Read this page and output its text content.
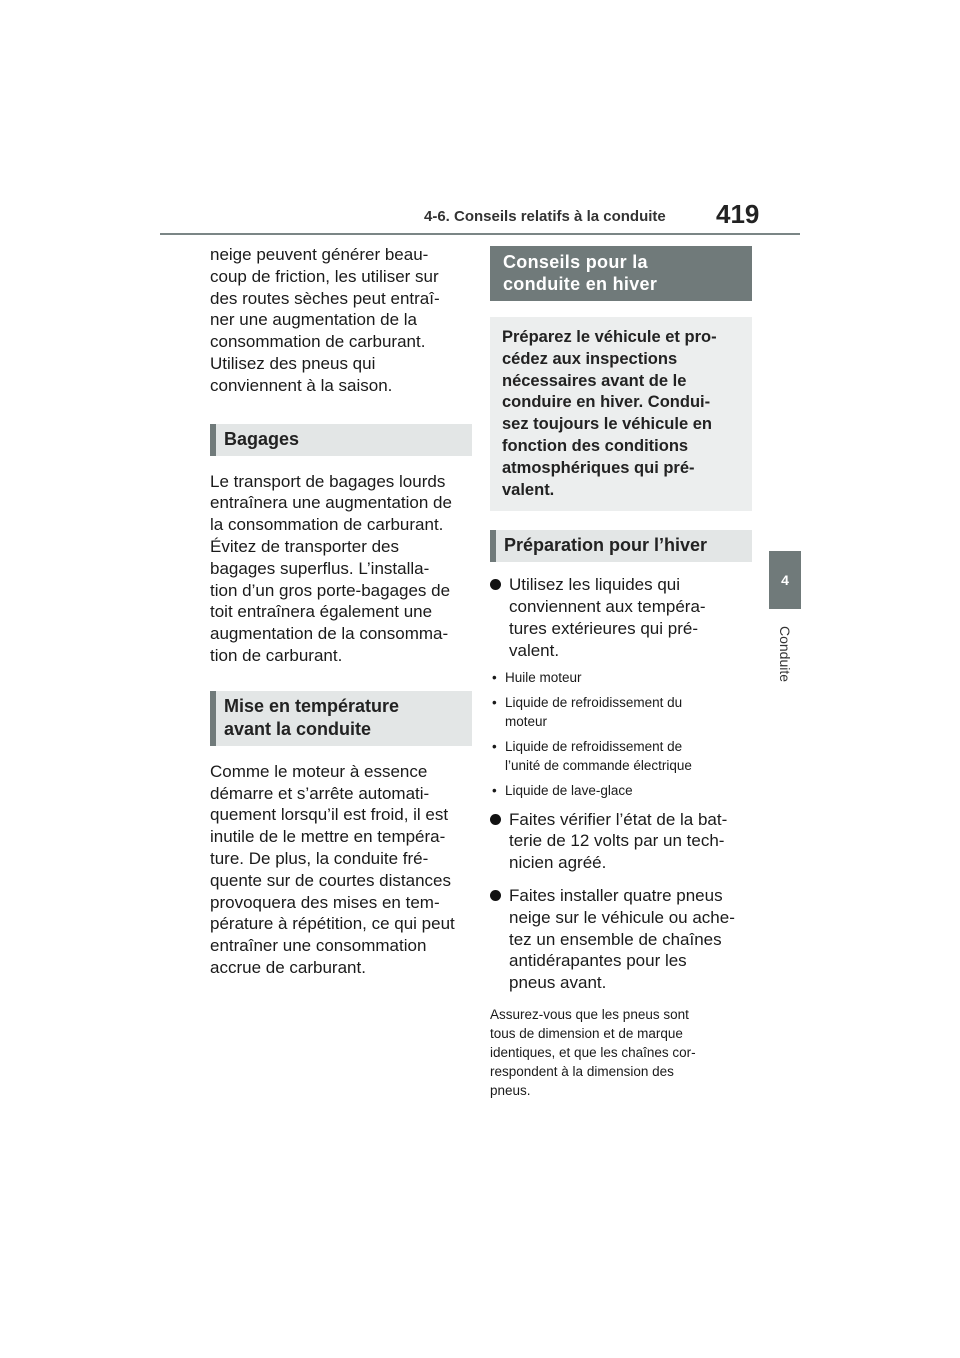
4-6. Conseils relatifs à la conduite 419
4
Conduite

neige peuvent générer beau-
coup de friction, les utiliser sur
des routes sèches peut entraî-
ner une augmentation de la
consommation de carburant.
Utilisez des pneus qui
conviennent à la saison.

Bagages

Le transport de bagages lourds
entraînera une augmentation de
la consommation de carburant.
Évitez de transporter des
bagages superflus. L’installa-
tion d’un gros porte-bagages de
toit entraînera également une
augmentation de la consomma-
tion de carburant.

Mise en température
avant la conduite

Comme le moteur à essence
démarre et s’arrête automati-
quement lorsqu’il est froid, il est
inutile de le mettre en tempéra-
ture. De plus, la conduite fré-
quente sur de courtes distances
provoquera des mises en tem-
pérature à répétition, ce qui peut
entraîner une consommation
accrue de carburant.

Conseils pour la
conduite en hiver
Préparez le véhicule et pro-
cédez aux inspections
nécessaires avant de le
conduire en hiver. Condui-
sez toujours le véhicule en
fonction des conditions
atmosphériques qui pré-
valent.
Préparation pour l’hiver
Utilisez les liquides qui
conviennent aux tempéra-
tures extérieures qui pré-
valent.
• Huile moteur
• Liquide de refroidissement du
moteur
• Liquide de refroidissement de
l’unité de commande électrique
• Liquide de lave-glace
Faites vérifier l’état de la bat-
terie de 12 volts par un tech-
nicien agréé.
Faites installer quatre pneus
neige sur le véhicule ou ache-
tez un ensemble de chaînes
antidérapantes pour les
pneus avant.

Assurez-vous que les pneus sont
tous de dimension et de marque
identiques, et que les chaînes cor-
respondent à la dimension des
pneus.
